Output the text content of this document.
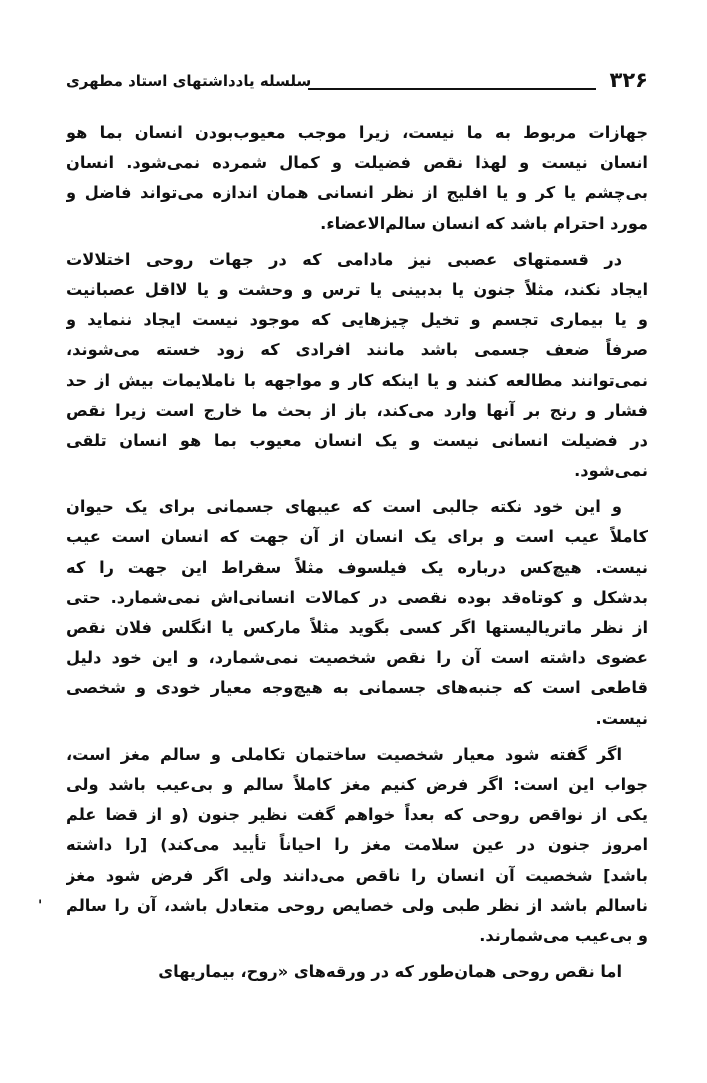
۳۲۶
سلسله یادداشتهای استاد مطهری
جهازات مربوط به ما نیست، زیرا موجب معیوب‌بودن انسان بما هو
انسان نیست و لهذا نقص فضیلت و کمال شمرده نمی‌شود. انسان
بی‌چشم یا کر و یا افلیج از نظر انسانی همان اندازه می‌تواند فاضل و
مورد احترام باشد که انسان سالم‌الاعضاء.
در قسمتهای عصبی نیز مادامی که در جهات روحی اختلالات
ایجاد نکند، مثلاً جنون یا بدبینی یا ترس و وحشت و یا لااقل عصبانیت
و یا بیماری تجسم و تخیل چیزهایی که موجود نیست ایجاد ننماید و
صرفاً ضعف جسمی باشد مانند افرادی که زود خسته می‌شوند،
نمی‌توانند مطالعه کنند و یا اینکه کار و مواجهه با ناملایمات بیش از حد
فشار و رنج بر آنها وارد می‌کند، باز از بحث ما خارج است زیرا نقص
در فضیلت انسانی نیست و یک انسان معیوب بما هو انسان تلقی
نمی‌شود.
و این خود نکته جالبی است که عیبهای جسمانی برای یک حیوان
کاملاً عیب است و برای یک انسان از آن جهت که انسان است عیب
نیست. هیچ‌کس درباره یک فیلسوف مثلاً سقراط این جهت را که
بدشکل و کوتاه‌قد بوده نقصی در کمالات انسانی‌اش نمی‌شمارد. حتی
از نظر ماتریالیستها اگر کسی بگوید مثلاً مارکس یا انگلس فلان نقص
عضوی داشته است آن را نقص شخصیت نمی‌شمارد، و این خود دلیل
قاطعی است که جنبه‌های جسمانی به هیچ‌وجه معیار خودی و شخصی
نیست.
اگر گفته شود معیار شخصیت ساختمان تکاملی و سالم مغز است،
جواب این است: اگر فرض کنیم مغز کاملاً سالم و بی‌عیب باشد ولی
یکی از نواقص روحی که بعداً خواهم گفت نظیر جنون (و از قضا علم
امروز جنون در عین سلامت مغز را احیاناً تأیید می‌کند) [را داشته
باشد] شخصیت آن انسان را ناقص می‌دانند ولی اگر فرض شود مغز
ناسالم باشد از نظر طبی ولی خصایص روحی متعادل باشد، آن را سالم
و بی‌عیب می‌شمارند.
اما نقص روحی همان‌طور که در ورقه‌های «روح، بیماریهای
'
